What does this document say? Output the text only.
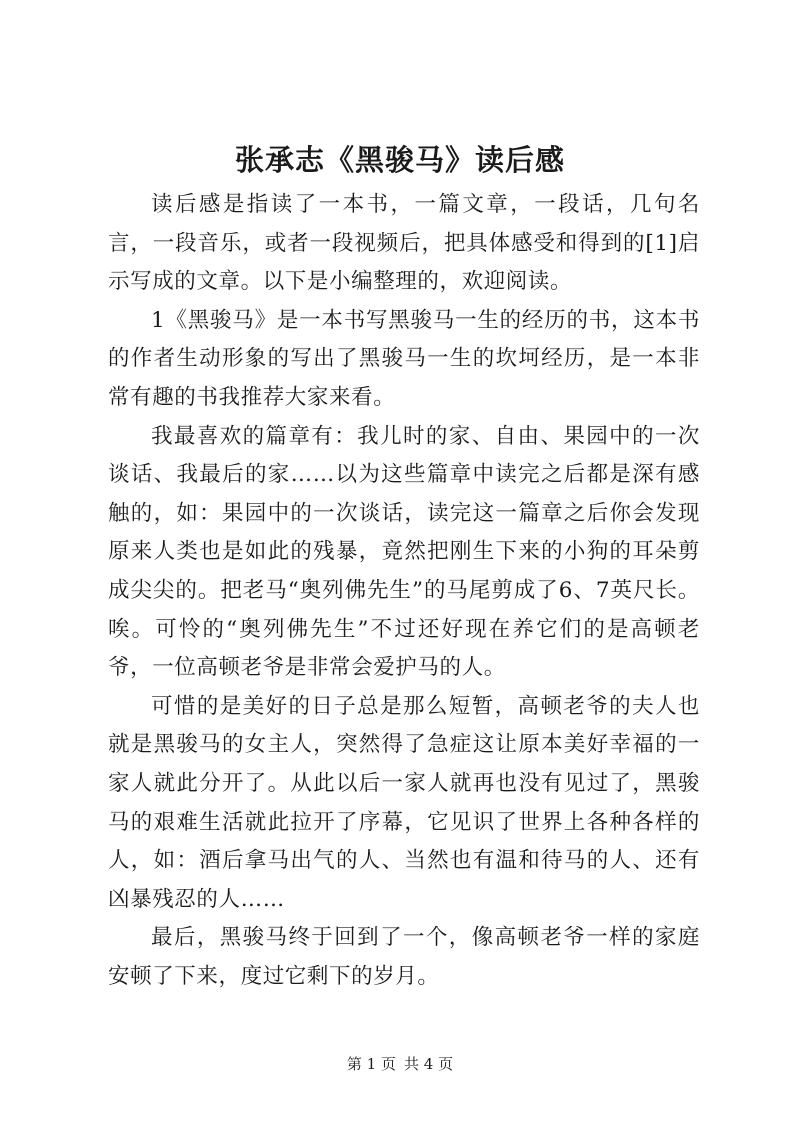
张承志《黑骏马》读后感

读后感是指读了一本书，一篇文章，一段话，几句名言，一段音乐，或者一段视频后，把具体感受和得到的[1]启示写成的文章。以下是小编整理的，欢迎阅读。

1《黑骏马》是一本书写黑骏马一生的经历的书，这本书的作者生动形象的写出了黑骏马一生的坎坷经历，是一本非常有趣的书我推荐大家来看。

我最喜欢的篇章有：我儿时的家、自由、果园中的一次谈话、我最后的家……以为这些篇章中读完之后都是深有感触的，如：果园中的一次谈话，读完这一篇章之后你会发现原来人类也是如此的残暴，竟然把刚生下来的小狗的耳朵剪成尖尖的。把老马“奥列佛先生”的马尾剪成了6、7英尺长。唉。可怜的“奥列佛先生”不过还好现在养它们的是高顿老爷，一位高顿老爷是非常会爱护马的人。

可惜的是美好的日子总是那么短暂，高顿老爷的夫人也就是黑骏马的女主人，突然得了急症这让原本美好幸福的一家人就此分开了。从此以后一家人就再也没有见过了，黑骏马的艰难生活就此拉开了序幕，它见识了世界上各种各样的人，如：酒后拿马出气的人、当然也有温和待马的人、还有凶暴残忍的人……

最后，黑骏马终于回到了一个，像高顿老爷一样的家庭安顿了下来，度过它剩下的岁月。

第 1 页 共 4 页
